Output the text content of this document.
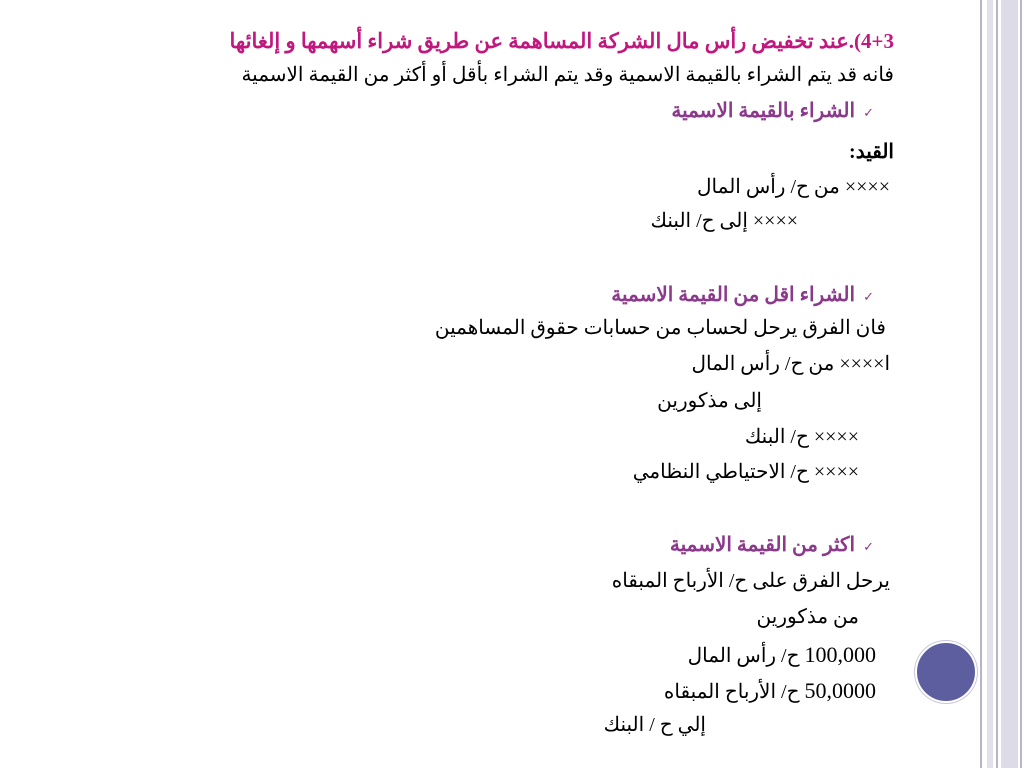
4+3).عند تخفيض رأس مال الشركة المساهمة عن طريق شراء أسهمها و إلغائها
فانه قد يتم الشراء بالقيمة الاسمية وقد يتم الشراء بأقل أو أكثر من القيمة الاسمية
✓الشراء بالقيمة الاسمية
القيد:
×××× من ح/ رأس المال
×××× إلى ح/ البنك
✓الشراء اقل من القيمة الاسمية
فان الفرق يرحل لحساب من حسابات حقوق المساهمين
ا×××× من ح/ رأس المال
إلى مذكورين
×××× ح/ البنك
×××× ح/ الاحتياطي النظامي
✓اكثر من القيمة الاسمية
يرحل الفرق على ح/ الأرباح المبقاه
من مذكورين
100,000 ح/ رأس المال
50,0000 ح/ الأرباح المبقاه
إلي ح / البنك
